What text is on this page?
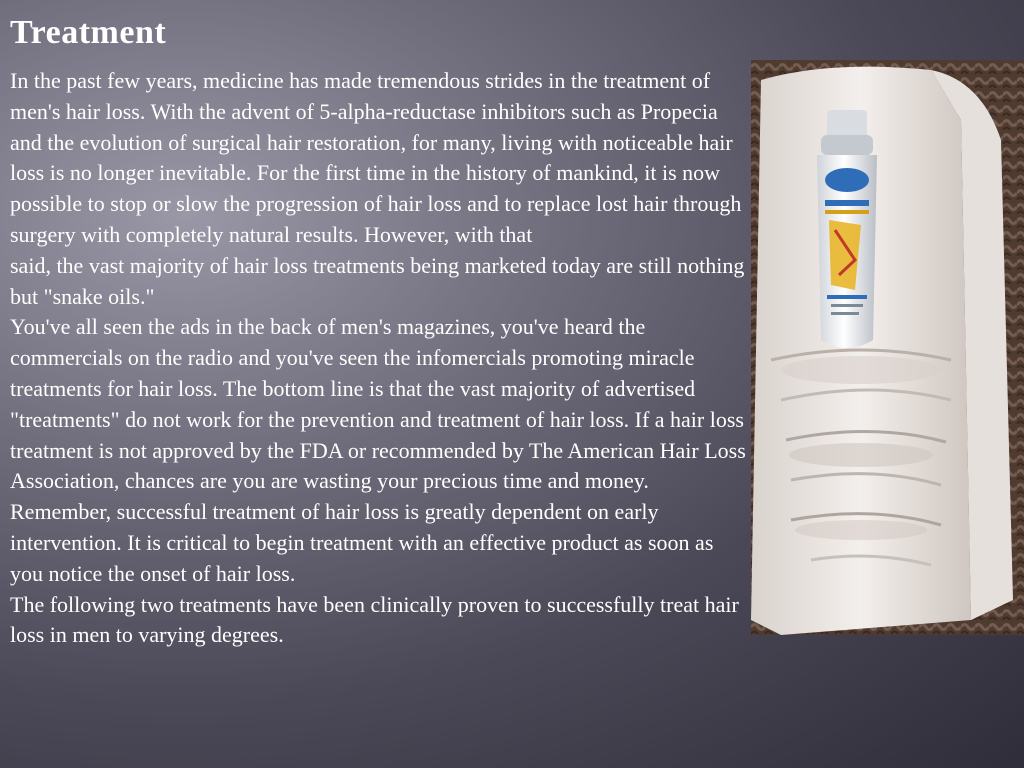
Treatment

In the past few years, medicine has made tremendous strides in the treatment of men's hair loss. With the advent of 5-alpha-reductase inhibitors such as Propecia and the evolution of surgical hair restoration, for many, living with noticeable hair loss is no longer inevitable. For the first time in the history of mankind, it is now possible to stop or slow the progression of hair loss and to replace lost hair through surgery with completely natural results. However, with that

said, the vast majority of hair loss treatments being marketed today are still nothing but "snake oils."

You've all seen the ads in the back of men's magazines, you've heard the commercials on the radio and you've seen the infomercials promoting miracle treatments for hair loss. The bottom line is that the vast majority of advertised "treatments" do not work for the prevention and treatment of hair loss. If a hair loss treatment is not approved by the FDA or recommended by The American Hair Loss Association, chances are you are wasting your precious time and money. Remember, successful treatment of hair loss is greatly dependent on early intervention. It is critical to begin treatment with an effective product as soon as you notice the onset of hair loss.

The following two treatments have been clinically proven to successfully treat hair loss in men to varying degrees.
